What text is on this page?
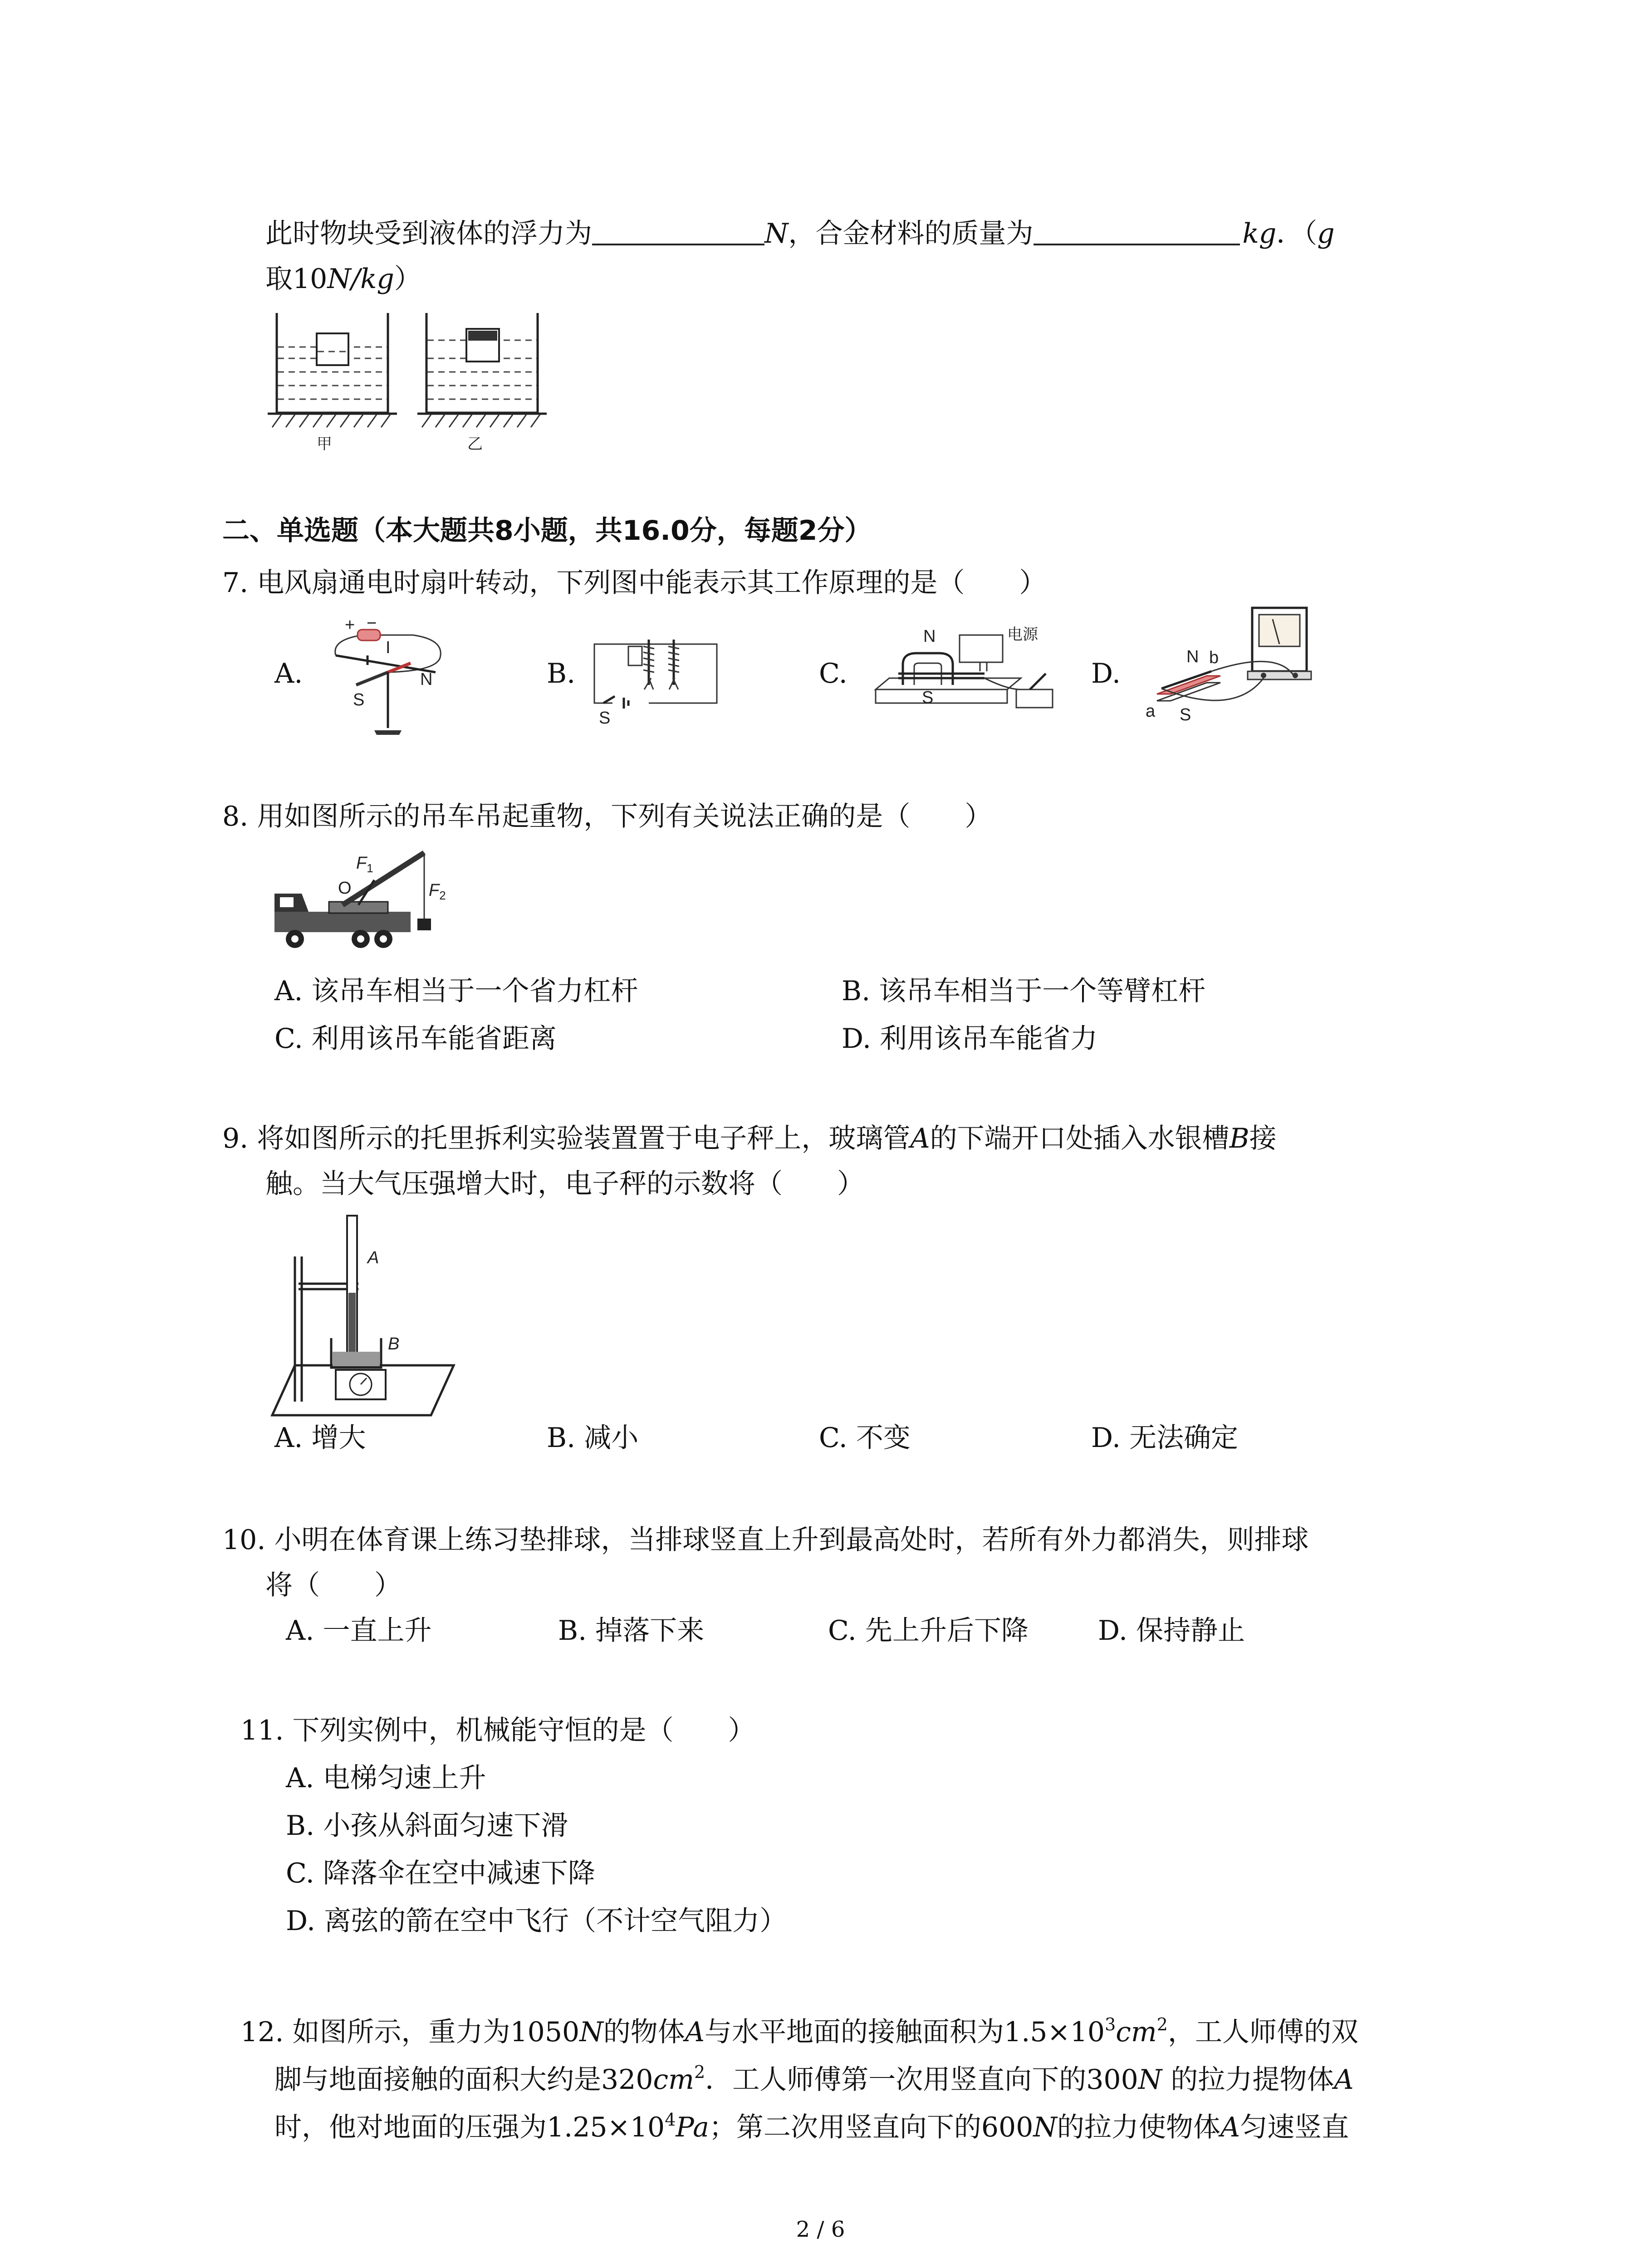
此时物块受到液体的浮力为	N，合金材料的质量为	kg．（g
取10N/kg）
甲	乙
二、单选题（本大题共8小题，共16.0分，每题2分）
7. 电风扇通电时扇叶转动，下列图中能表示其工作原理的是（　　）
A.	B.	C.	D.
+ −
I
S
N
S
N
S
电源
N b
a S
8. 用如图所示的吊车吊起重物，下列有关说法正确的是（　　）
$F_1$
O	$F_2$
A. 该吊车相当于一个省力杠杆	B. 该吊车相当于一个等臂杠杆
C. 利用该吊车能省距离	D. 利用该吊车能省力
9. 将如图所示的托里拆利实验装置置于电子秤上，玻璃管A的下端开口处插入水银槽B接
触。当大气压强增大时，电子秤的示数将（　　）
A
B
A. 增大	B. 减小	C. 不变	D. 无法确定
10. 小明在体育课上练习垫排球，当排球竖直上升到最高处时，若所有外力都消失，则排球
将（　　）
A. 一直上升	B. 掉落下来	C. 先上升后下降	D. 保持静止
11. 下列实例中，机械能守恒的是（　　）
A. 电梯匀速上升
B. 小孩从斜面匀速下滑
C. 降落伞在空中减速下降
D. 离弦的箭在空中飞行（不计空气阻力）
12. 如图所示，重力为1050N的物体A与水平地面的接触面积为$1.5\times 10^3cm^2$，工人师傅的双
脚与地面接触的面积大约是$320cm^2$．工人师傅第一次用竖直向下的300N 的拉力提物体A
时，他对地面的压强为$1.25\times 10^4Pa$；第二次用竖直向下的600N的拉力使物体A匀速竖直
2 / 6
